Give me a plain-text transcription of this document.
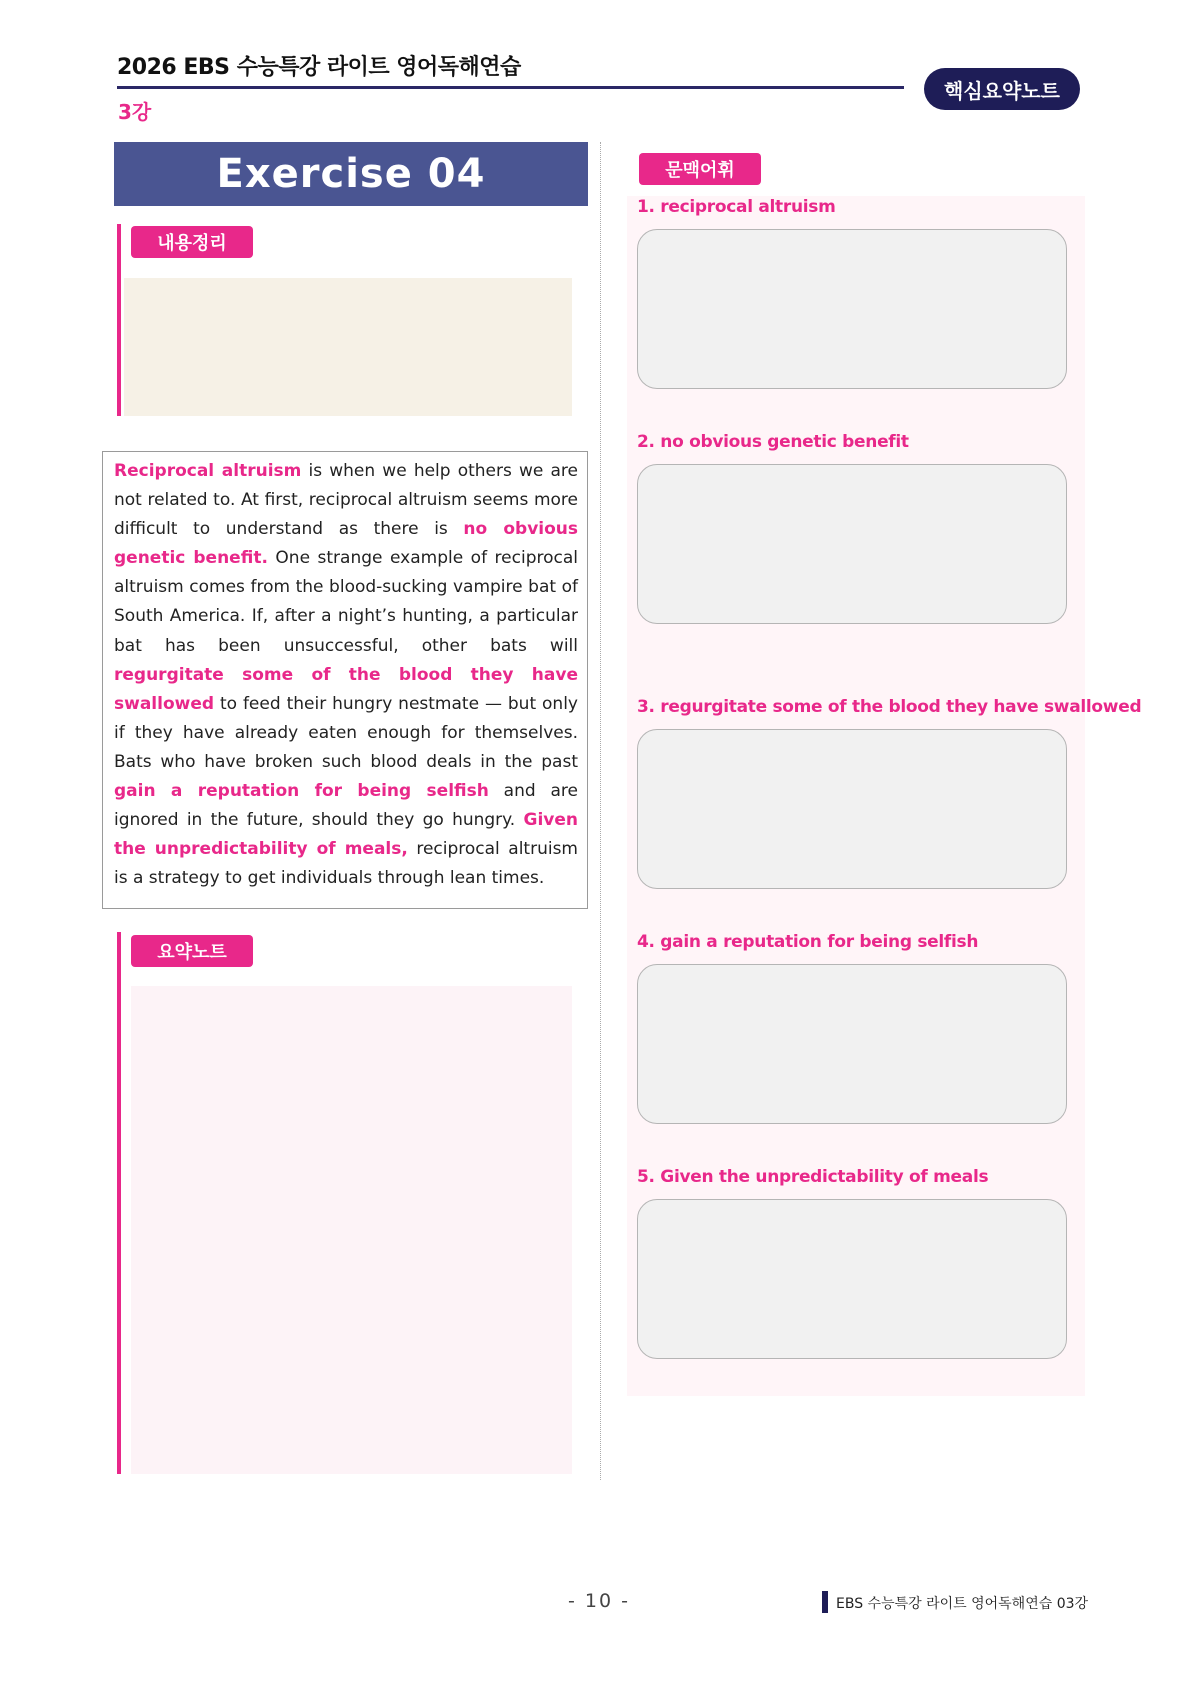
2026 EBS 수능특강 라이트 영어독해연습
3강
핵심요약노트
Exercise 04
내용정리
Reciprocal altruism is when we help others we are not related to. At first, reciprocal altruism seems more difficult to understand as there is no obvious genetic benefit. One strange example of reciprocal altruism comes from the blood-sucking vampire bat of South America. If, after a night’s hunting, a particular bat has been unsuccessful, other bats will regurgitate some of the blood they have swallowed to feed their hungry nestmate — but only if they have already eaten enough for themselves. Bats who have broken such blood deals in the past gain a reputation for being selfish and are ignored in the future, should they go hungry. Given the unpredictability of meals, reciprocal altruism is a strategy to get individuals through lean times.
요약노트
문맥어휘
1. reciprocal altruism
2. no obvious genetic benefit
3. regurgitate some of the blood they have swallowed
4. gain a reputation for being selfish
5. Given the unpredictability of meals
- 10 -	EBS 수능특강 라이트 영어독해연습 03강
